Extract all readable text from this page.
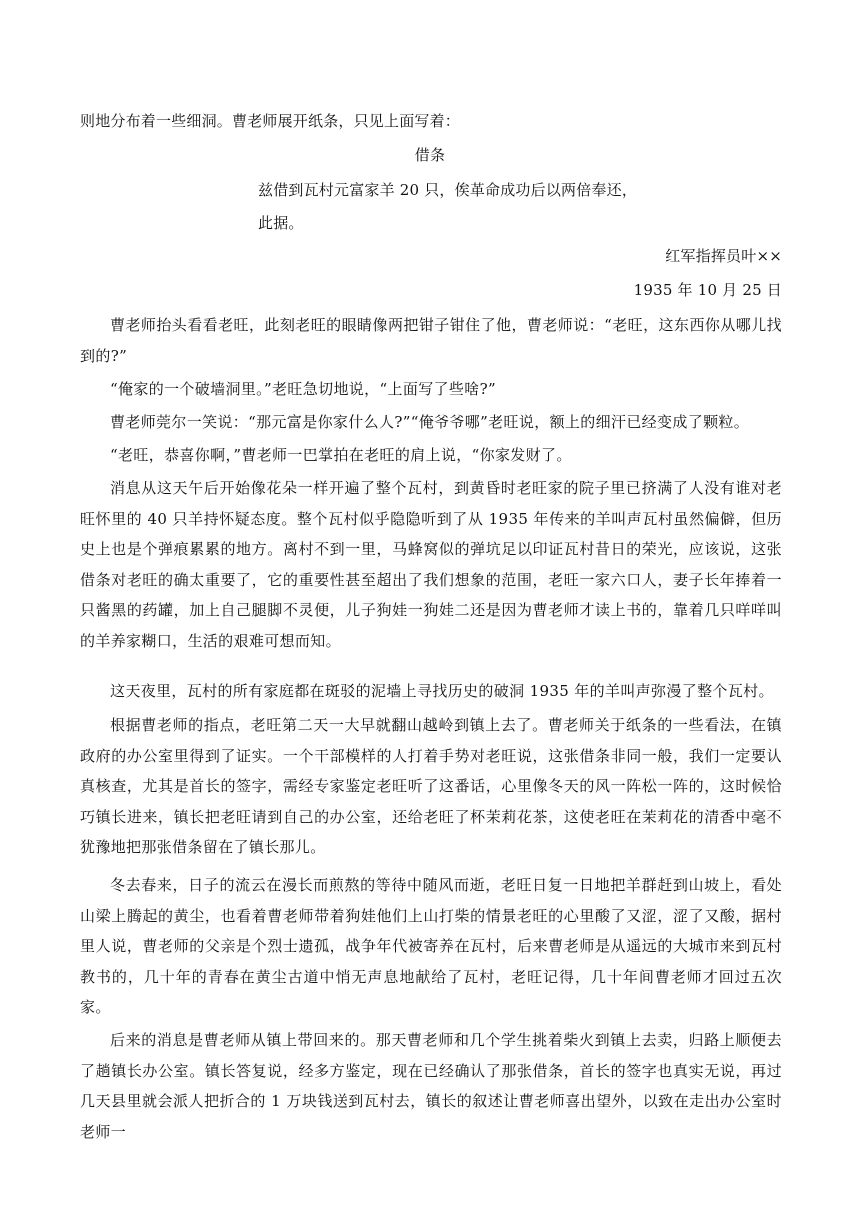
则地分布着一些细洞。曹老师展开纸条，只见上面写着：
借条
兹借到瓦村元富家羊 20 只，俟革命成功后以两倍奉还，
此据。
红军指挥员叶××
1935 年 10 月 25 日

曹老师抬头看看老旺，此刻老旺的眼睛像两把钳子钳住了他，曹老师说：“老旺，这东西你从哪儿找到的?”

“俺家的一个破墙洞里。”老旺急切地说，“上面写了些啥?”

曹老师莞尔一笑说：“那元富是你家什么人?”“俺爷爷哪”老旺说，额上的细汗已经变成了颗粒。

“老旺，恭喜你啊，”曹老师一巴掌拍在老旺的肩上说，“你家发财了。

消息从这天午后开始像花朵一样开遍了整个瓦村，到黄昏时老旺家的院子里已挤满了人没有谁对老旺怀里的 40 只羊持怀疑态度。整个瓦村似乎隐隐听到了从 1935 年传来的羊叫声瓦村虽然偏僻，但历史上也是个弹痕累累的地方。离村不到一里，马蜂窝似的弹坑足以印证瓦村昔日的荣光，应该说，这张借条对老旺的确太重要了，它的重要性甚至超出了我们想象的范围，老旺一家六口人，妻子长年捧着一只酱黑的药罐，加上自己腿脚不灵便，儿子狗娃一狗娃二还是因为曹老师才读上书的，靠着几只咩咩叫的羊养家糊口，生活的艰难可想而知。

这天夜里，瓦村的所有家庭都在斑驳的泥墙上寻找历史的破洞 1935 年的羊叫声弥漫了整个瓦村。

根据曹老师的指点，老旺第二天一大早就翻山越岭到镇上去了。曹老师关于纸条的一些看法，在镇政府的办公室里得到了证实。一个干部模样的人打着手势对老旺说，这张借条非同一般，我们一定要认真核查，尤其是首长的签字，需经专家鉴定老旺听了这番话，心里像冬天的风一阵松一阵的，这时候恰巧镇长进来，镇长把老旺请到自己的办公室，还给老旺了杯茉莉花茶，这使老旺在茉莉花的清香中毫不犹豫地把那张借条留在了镇长那儿。

冬去春来，日子的流云在漫长而煎熬的等待中随风而逝，老旺日复一日地把羊群赶到山坡上，看处山梁上腾起的黄尘，也看着曹老师带着狗娃他们上山打柴的情景老旺的心里酸了又涩，涩了又酸，据村里人说，曹老师的父亲是个烈士遗孤，战争年代被寄养在瓦村，后来曹老师是从遥远的大城市来到瓦村教书的，几十年的青春在黄尘古道中悄无声息地献给了瓦村，老旺记得，几十年间曹老师才回过五次家。

后来的消息是曹老师从镇上带回来的。那天曹老师和几个学生挑着柴火到镇上去卖，归路上顺便去了趟镇长办公室。镇长答复说，经多方鉴定，现在已经确认了那张借条，首长的签字也真实无说，再过几天县里就会派人把折合的 1 万块钱送到瓦村去，镇长的叙述让曹老师喜出望外，以致在走出办公室时老师一
